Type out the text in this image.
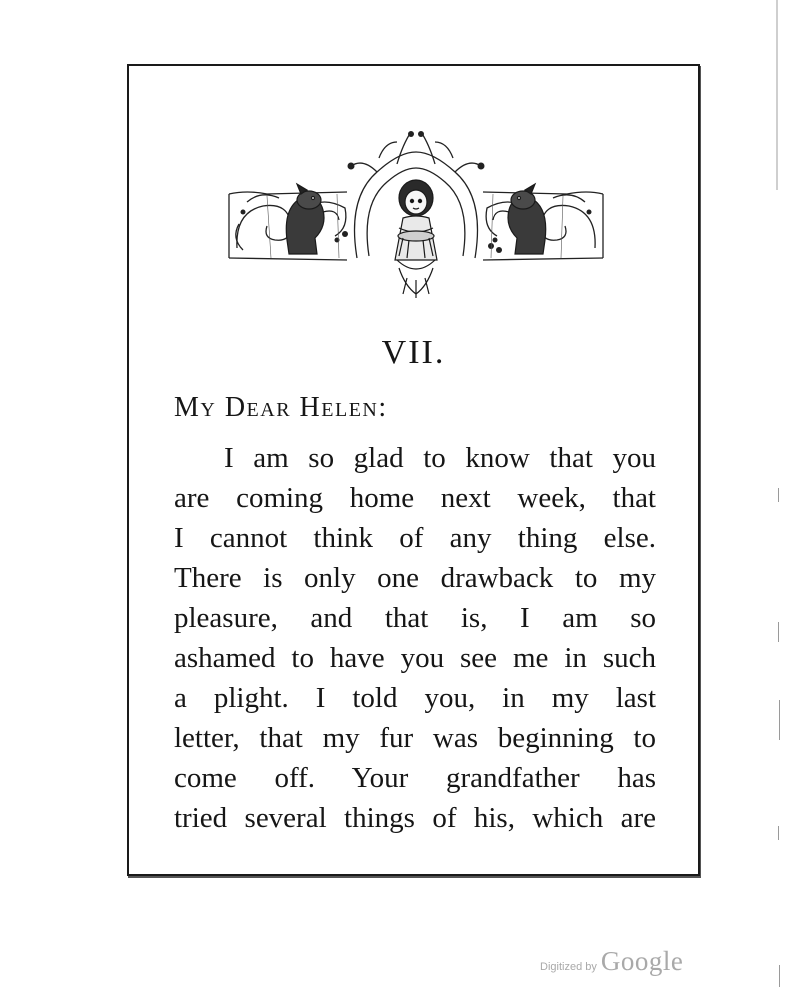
VII.
My Dear Helen:
I am so glad to know that you
are coming home next week, that
I cannot think of any thing else.
There is only one drawback to my
pleasure, and that is, I am so
ashamed to have you see me in such
a plight. I told you, in my last
letter, that my fur was beginning to
come off. Your grandfather has
tried several things of his, which are
Digitized by Google
